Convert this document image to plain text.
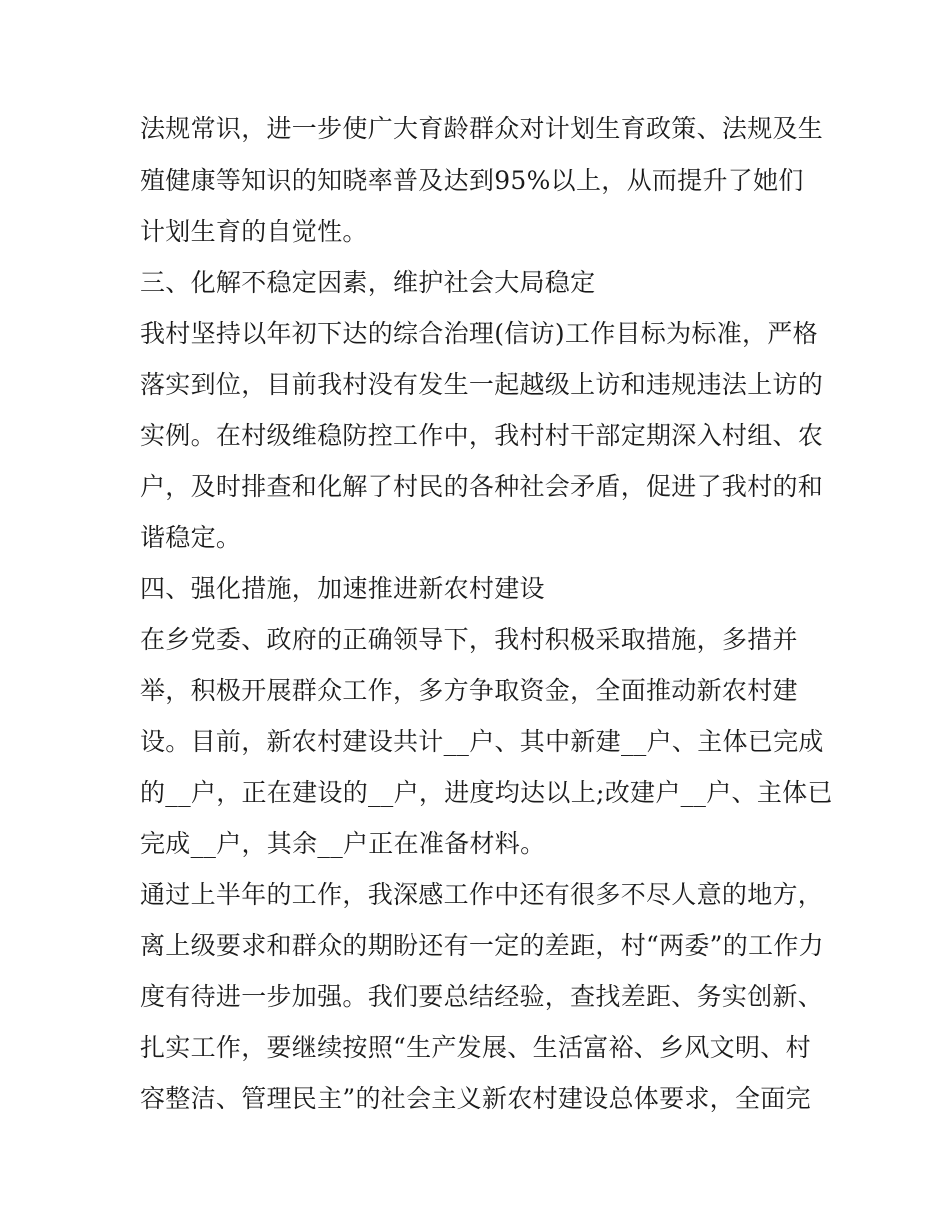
法规常识，进一步使广大育龄群众对计划生育政策、法规及生
殖健康等知识的知晓率普及达到95%以上，从而提升了她们
计划生育的自觉性。
三、化解不稳定因素，维护社会大局稳定
我村坚持以年初下达的综合治理(信访)工作目标为标准，严格
落实到位，目前我村没有发生一起越级上访和违规违法上访的
实例。在村级维稳防控工作中，我村村干部定期深入村组、农
户，及时排查和化解了村民的各种社会矛盾，促进了我村的和
谐稳定。
四、强化措施，加速推进新农村建设
在乡党委、政府的正确领导下，我村积极采取措施，多措并
举，积极开展群众工作，多方争取资金，全面推动新农村建
设。目前，新农村建设共计__户、其中新建__户、主体已完成
的__户，正在建设的__户，进度均达以上;改建户__户、主体已
完成__户，其余__户正在准备材料。
通过上半年的工作，我深感工作中还有很多不尽人意的地方，
离上级要求和群众的期盼还有一定的差距，村“两委”的工作力
度有待进一步加强。我们要总结经验，查找差距、务实创新、
扎实工作，要继续按照“生产发展、生活富裕、乡风文明、村
容整洁、管理民主”的社会主义新农村建设总体要求，全面完
